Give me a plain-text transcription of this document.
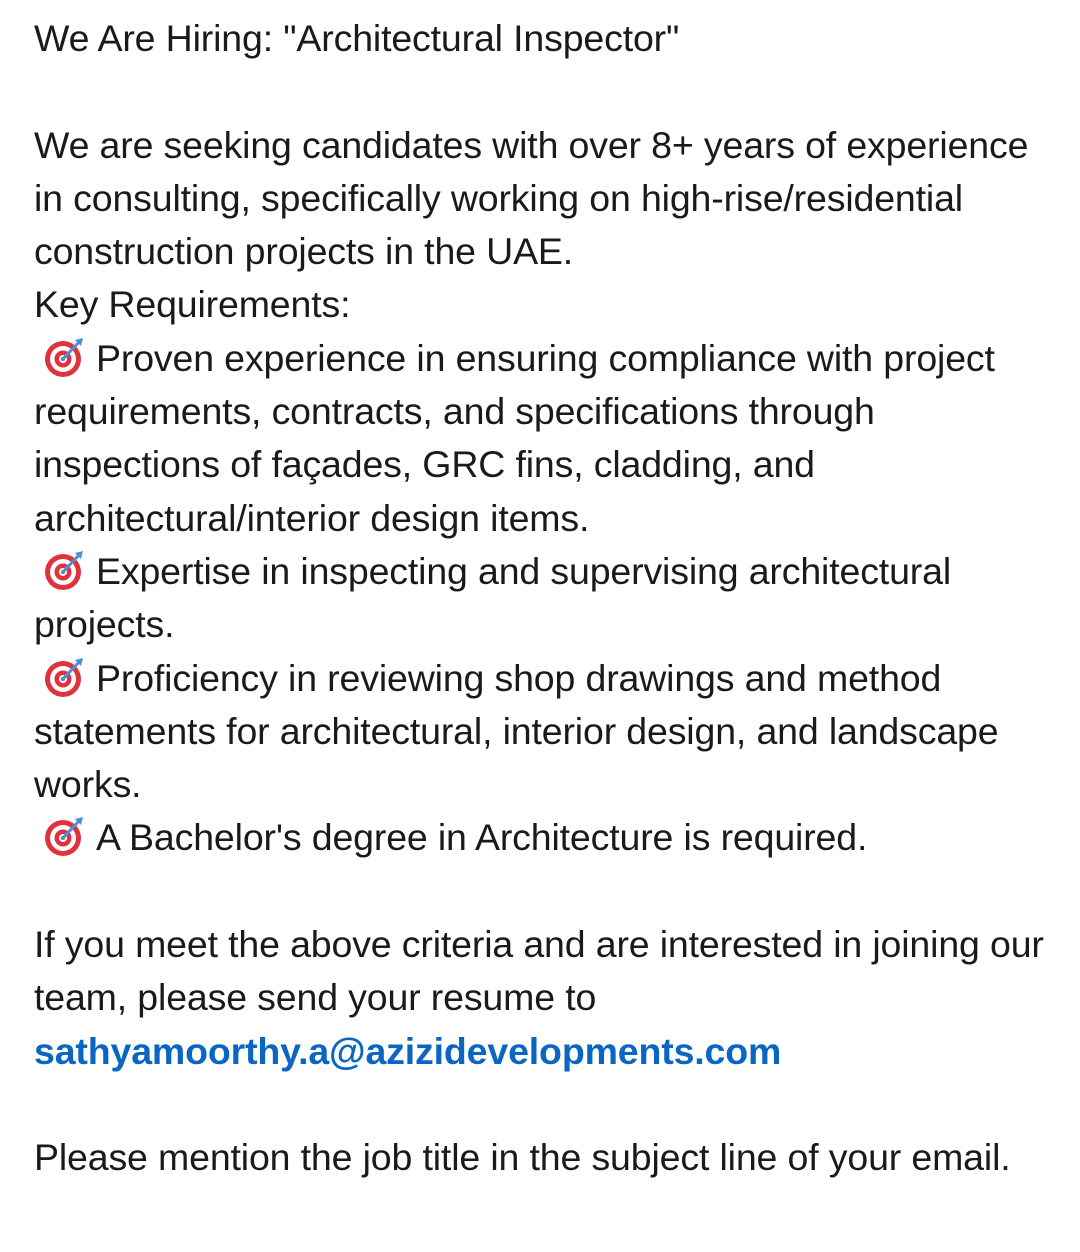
We Are Hiring: "Architectural Inspector"
We are seeking candidates with over 8+ years of experience in consulting, specifically working on high-rise/residential construction projects in the UAE.
Key Requirements:
Proven experience in ensuring compliance with project requirements, contracts, and specifications through inspections of façades, GRC fins, cladding, and architectural/interior design items.
Expertise in inspecting and supervising architectural projects.
Proficiency in reviewing shop drawings and method statements for architectural, interior design, and landscape works.
A Bachelor's degree in Architecture is required.
If you meet the above criteria and are interested in joining our team, please send your resume to
sathyamoorthy.a@azizidevelopments.com
Please mention the job title in the subject line of your email.
